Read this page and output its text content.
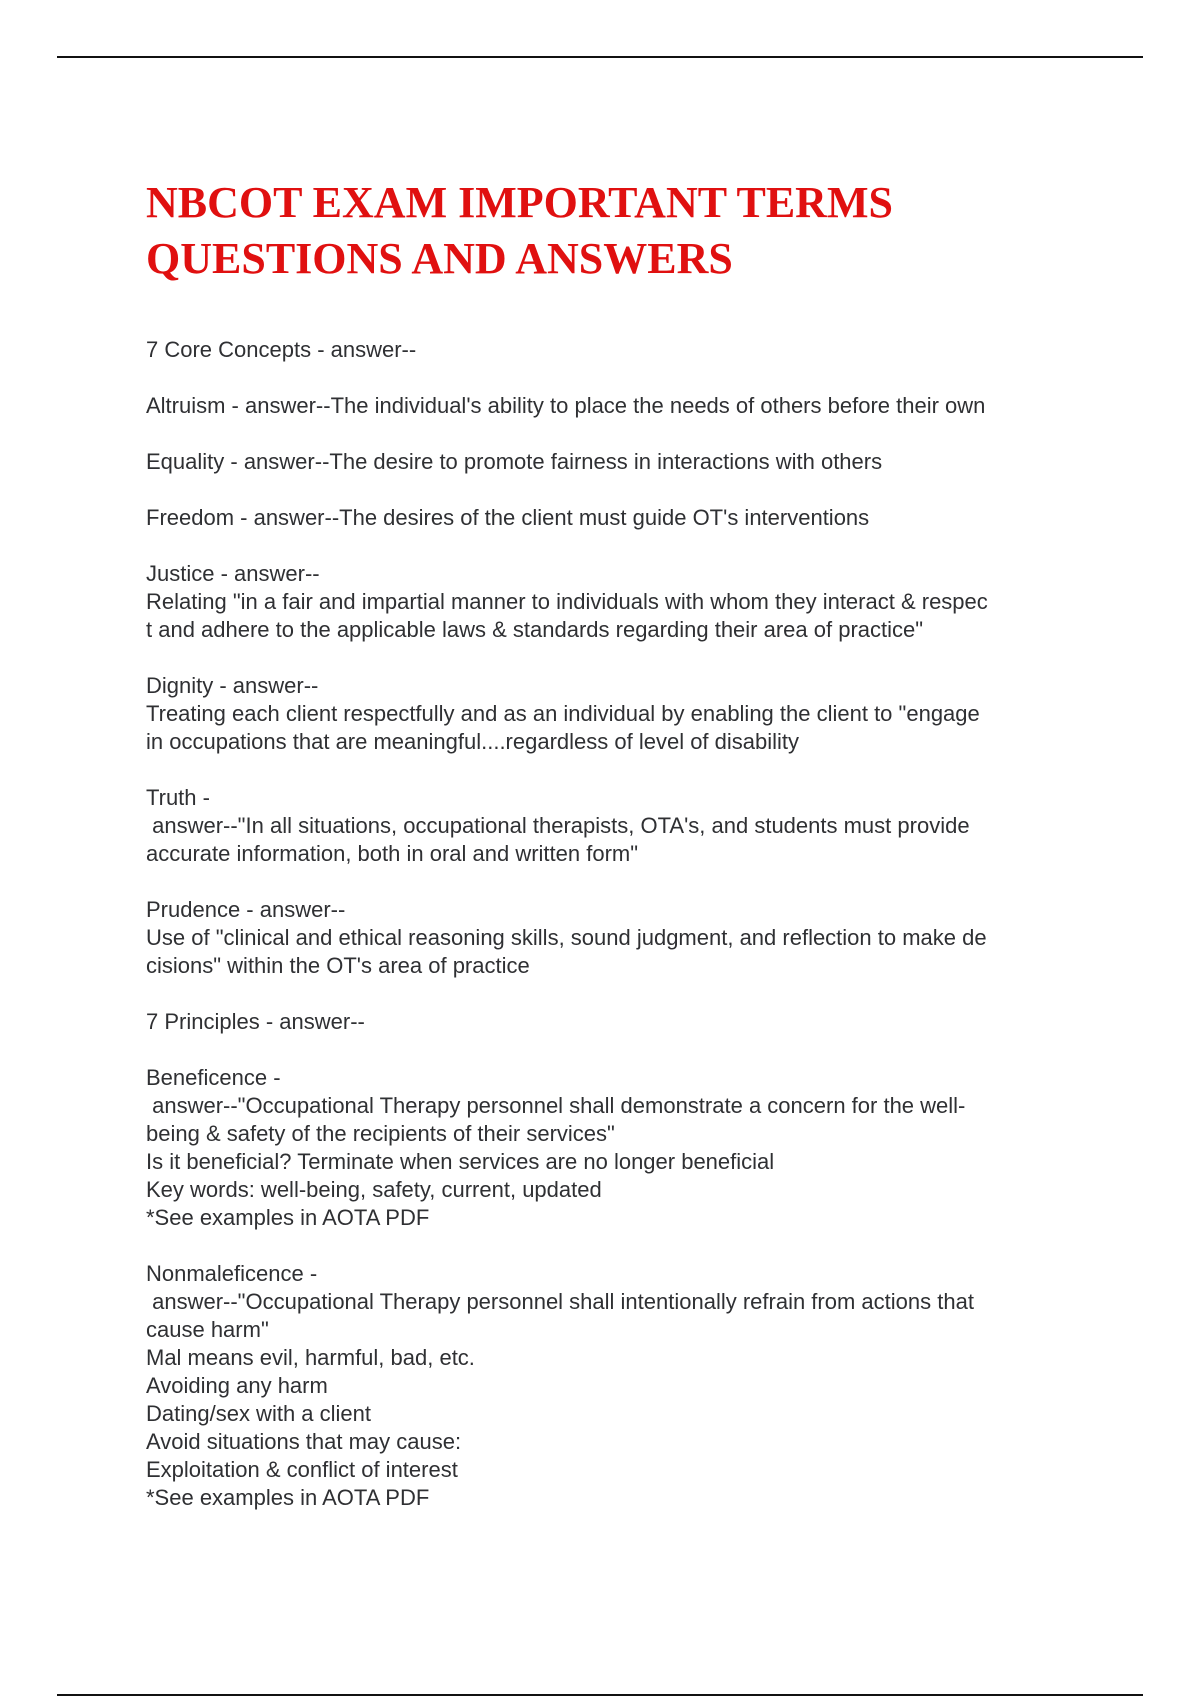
NBCOT EXAM IMPORTANT TERMS
QUESTIONS AND ANSWERS
7 Core Concepts - answer--
Altruism - answer--The individual's ability to place the needs of others before their own
Equality - answer--The desire to promote fairness in interactions with others
Freedom - answer--The desires of the client must guide OT's interventions
Justice - answer--
Relating "in a fair and impartial manner to individuals with whom they interact & respec
t and adhere to the applicable laws & standards regarding their area of practice"
Dignity - answer--
Treating each client respectfully and as an individual by enabling the client to "engage
in occupations that are meaningful....regardless of level of disability
Truth -
answer--"In all situations, occupational therapists, OTA's, and students must provide
accurate information, both in oral and written form"
Prudence - answer--
Use of "clinical and ethical reasoning skills, sound judgment, and reflection to make de
cisions" within the OT's area of practice
7 Principles - answer--
Beneficence -
answer--"Occupational Therapy personnel shall demonstrate a concern for the well-
being & safety of the recipients of their services"
Is it beneficial? Terminate when services are no longer beneficial
Key words: well-being, safety, current, updated
*See examples in AOTA PDF
Nonmaleficence -
answer--"Occupational Therapy personnel shall intentionally refrain from actions that
cause harm"
Mal means evil, harmful, bad, etc.
Avoiding any harm
Dating/sex with a client
Avoid situations that may cause:
Exploitation & conflict of interest
*See examples in AOTA PDF
